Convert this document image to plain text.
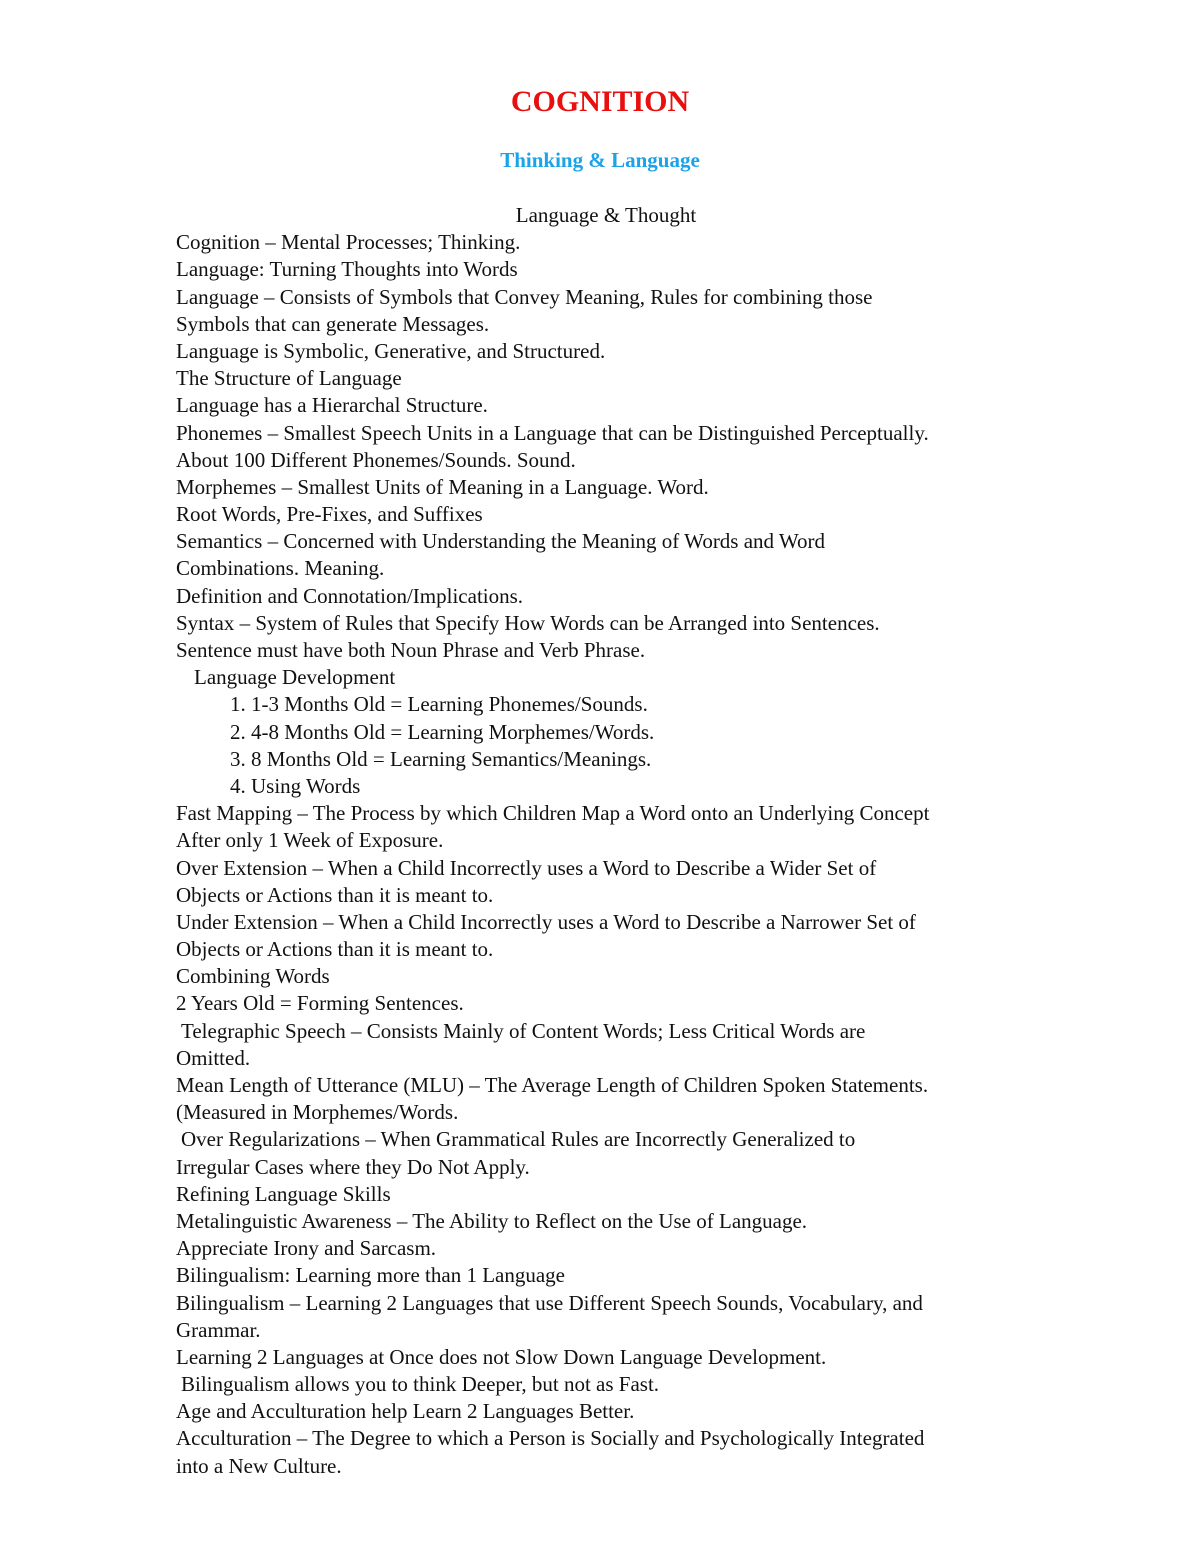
COGNITION
Thinking & Language
Language & Thought
Cognition – Mental Processes; Thinking.
Language: Turning Thoughts into Words
Language – Consists of Symbols that Convey Meaning, Rules for combining those
Symbols that can generate Messages.
Language is Symbolic, Generative, and Structured.
The Structure of Language
Language has a Hierarchal Structure.
Phonemes – Smallest Speech Units in a Language that can be Distinguished Perceptually.
About 100 Different Phonemes/Sounds. Sound.
Morphemes – Smallest Units of Meaning in a Language. Word.
Root Words, Pre-Fixes, and Suffixes
Semantics – Concerned with Understanding the Meaning of Words and Word
Combinations. Meaning.
Definition and Connotation/Implications.
Syntax – System of Rules that Specify How Words can be Arranged into Sentences.
Sentence must have both Noun Phrase and Verb Phrase.
Language Development
1. 1-3 Months Old = Learning Phonemes/Sounds.
2. 4-8 Months Old = Learning Morphemes/Words.
3. 8 Months Old = Learning Semantics/Meanings.
4. Using Words
Fast Mapping – The Process by which Children Map a Word onto an Underlying Concept
After only 1 Week of Exposure.
Over Extension – When a Child Incorrectly uses a Word to Describe a Wider Set of
Objects or Actions than it is meant to.
Under Extension – When a Child Incorrectly uses a Word to Describe a Narrower Set of
Objects or Actions than it is meant to.
Combining Words
2 Years Old = Forming Sentences.
Telegraphic Speech – Consists Mainly of Content Words; Less Critical Words are
Omitted.
Mean Length of Utterance (MLU) – The Average Length of Children Spoken Statements.
(Measured in Morphemes/Words.
Over Regularizations – When Grammatical Rules are Incorrectly Generalized to
Irregular Cases where they Do Not Apply.
Refining Language Skills
Metalinguistic Awareness – The Ability to Reflect on the Use of Language.
Appreciate Irony and Sarcasm.
Bilingualism: Learning more than 1 Language
Bilingualism – Learning 2 Languages that use Different Speech Sounds, Vocabulary, and
Grammar.
Learning 2 Languages at Once does not Slow Down Language Development.
Bilingualism allows you to think Deeper, but not as Fast.
Age and Acculturation help Learn 2 Languages Better.
Acculturation – The Degree to which a Person is Socially and Psychologically Integrated
into a New Culture.
